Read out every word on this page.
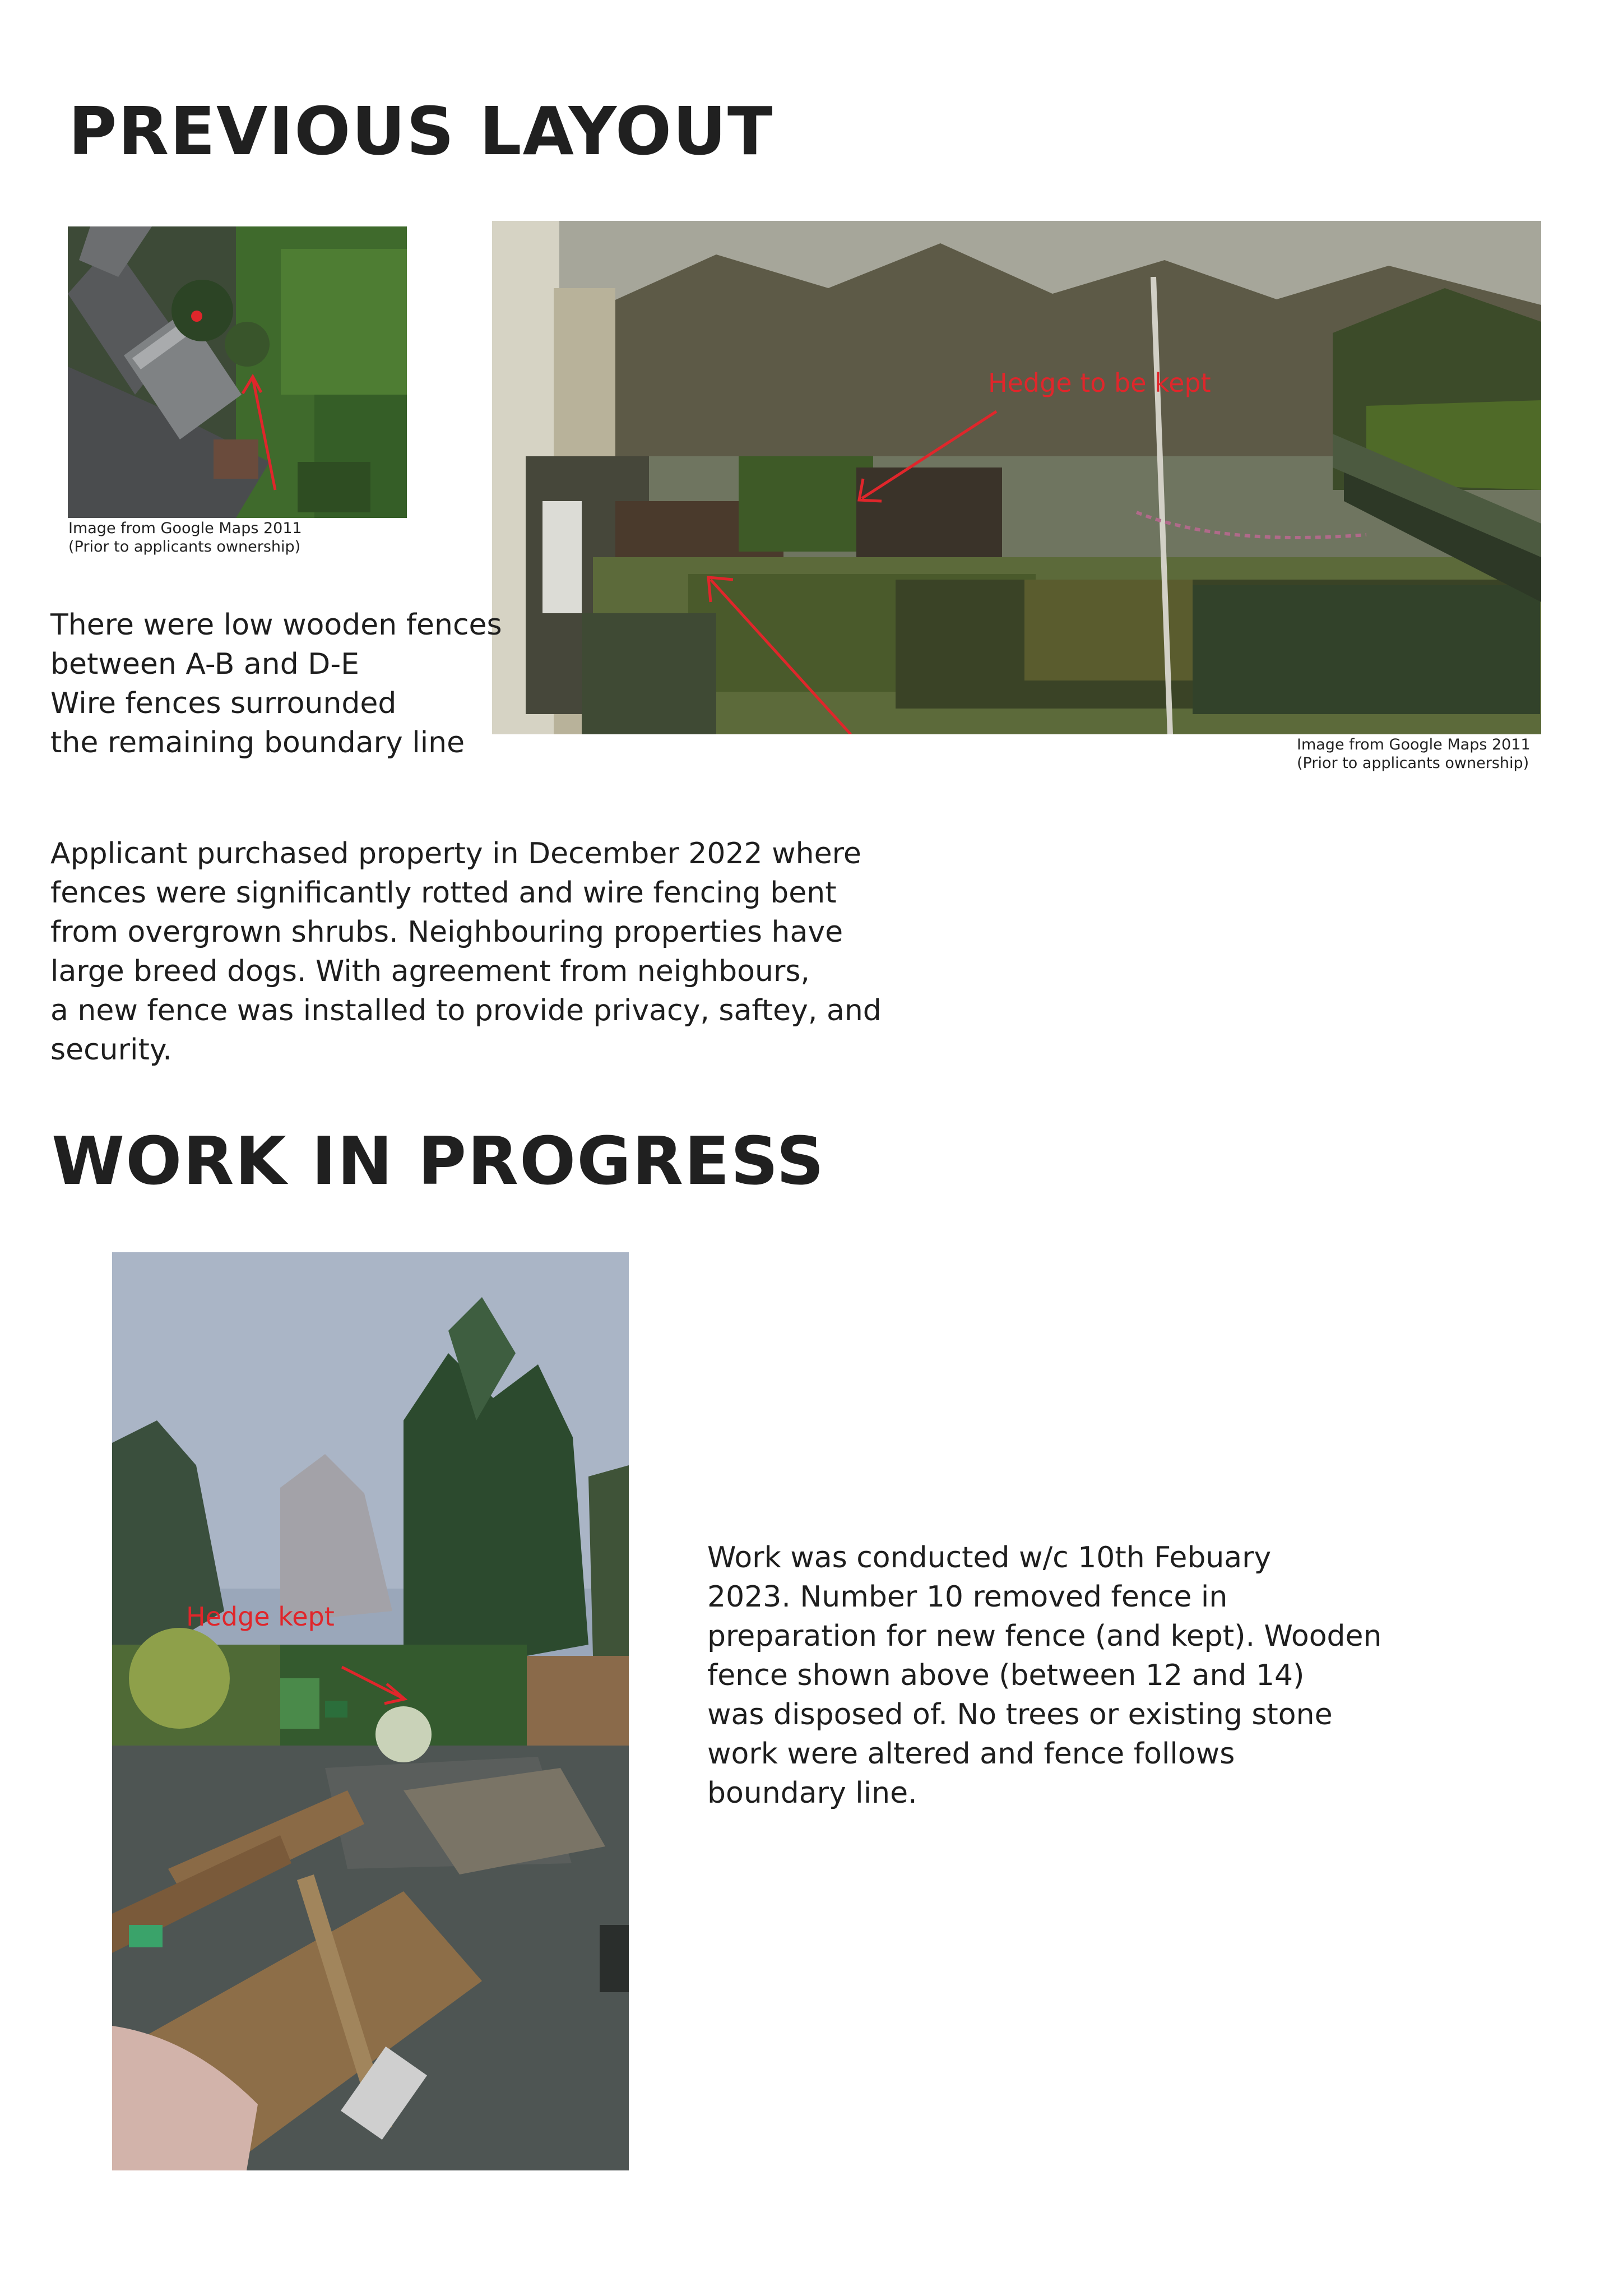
PREVIOUS LAYOUT
Image from Google Maps 2011
(Prior to applicants ownership)
Hedge to be kept
Image from Google Maps 2011
(Prior to applicants ownership)
There were low wooden fences
between A-B and D-E
Wire fences surrounded
the remaining boundary line
Applicant purchased property in December 2022 where
fences were significantly rotted and wire fencing bent
from overgrown shrubs. Neighbouring properties have
large breed dogs. With agreement from neighbours,
a new fence was installed to provide privacy, saftey, and
security.
WORK IN PROGRESS
Hedge kept
Work was conducted w/c 10th Febuary
2023. Number 10 removed fence in
preparation for new fence (and kept). Wooden
fence shown above (between 12 and 14)
was disposed of. No trees or existing stone
work were altered and fence follows
boundary line.
